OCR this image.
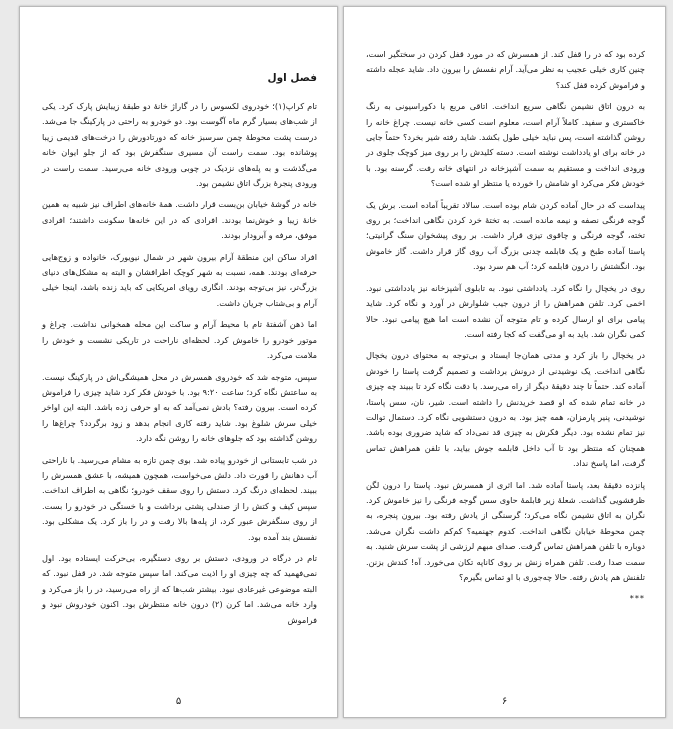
فصل اول

تام کراپ(۱)؛ خودروی لکسوس را در گاراژ خانهٔ دو طبقهٔ زیبایش پارک کرد. یکی از شب‌های بسیار گرم ماه آگوست بود. دو خودرو به راحتی در پارکینگ جا می‌شد. درست پشت محوطهٔ چمن سرسبز خانه که دورتادورش را درخت‌های قدیمی زیبا پوشانده بود. سمت راست آن مسیری سنگفرش بود که از جلو ایوان خانه می‌گذشت و به پله‌های نزدیک در چوبی ورودی خانه می‌رسید. سمت راست در ورودی پنجرهٔ بزرگ اتاق نشیمن بود.

خانه در گوشهٔ خیابان بن‌بست قرار داشت. همهٔ خانه‌های اطراف نیز شبیه به همین خانهٔ زیبا و خوش‌نما بودند. افرادی که در این خانه‌ها سکونت داشتند؛ افرادی موفق، مرفه و آبرودار بودند.

افراد ساکن این منطقهٔ آرام بیرون شهر در شمال نیویورک، خانواده و زوج‌هایی حرفه‌ای بودند. همه، نسبت به شهر کوچک اطرافشان و البته به مشکل‌های دنیای بزرگ‌تر، نیز بی‌توجه بودند. انگاری رویای امریکایی که باید زنده باشد، اینجا خیلی آرام و بی‌شتاب جریان داشت.

اما ذهن آشفتهٔ تام با محیط آرام و ساکت این محله همخوانی نداشت. چراغ و موتور خودرو را خاموش کرد. لحظه‌ای ناراحت در تاریکی نشست و خودش را ملامت می‌کرد.

سپس، متوجه شد که خودروی همسرش در محل همیشگی‌اش در پارکینگ نیست. به ساعتش نگاه کرد؛ ساعت ۹:۲۰ بود. با خودش فکر کرد شاید چیزی را فراموش کرده است. بیرون رفته؟ بادش نمی‌آمد که به او حرفی زده باشد. البته این اواخر خیلی سرش شلوغ بود. شاید رفته کاری انجام بدهد و زود برگردد؟ چراغ‌ها را روشن گذاشته بود که جلوهای خانه را روشن نگه دارد.

در شب تابستانی از خودرو پیاده شد. بوی چمن تازه به مشام می‌رسید. با ناراحتی آب دهانش را قورت داد. دلش می‌خواست، همچون همیشه، با عشق همسرش را ببیند. لحظه‌ای درنگ کرد. دستش را روی سقف خودرو؛ نگاهی به اطراف انداخت. سپس کیف و کتش را از صندلی پشتی برداشت و با خستگی در خودرو را بست. از روی سنگفرش عبور کرد، از پله‌ها بالا رفت و در را باز کرد. یک مشکلی بود. نفسش بند آمده بود.

تام در درگاه در ورودی، دستش بر روی دستگیره، بی‌حرکت ایستاده بود. اول نمی‌فهمید که چه چیزی او را اذیت می‌کند. اما سپس متوجه شد. در قفل نبود. که البته موضوعی غیرعادی نبود. بیشتر شب‌ها که از راه می‌رسید، در را باز می‌کرد و وارد خانه می‌شد. اما کرن (۲) درون خانه منتظرش بود. اکنون خودروش نبود و فراموش

۵

کرده بود که در را قفل کند. از همسرش که در مورد قفل کردن در سختگیر است، چنین کاری خیلی عجیب به نظر می‌آید. آرام نفسش را بیرون داد. شاید عجله داشته و فراموش کرده قفل کند؟

به درون اتاق نشیمن نگاهی سریع انداخت. اتاقی مربع با دکوراسیونی به رنگ خاکستری و سفید. کاملاً آرام است، معلوم است کسی خانه نیست. چراغ خانه را روشن گذاشته است، پس نباید خیلی طول بکشد. شاید رفته شیر بخرد؟ حتماً جایی در خانه برای او یادداشت نوشته است. دسته کلیدش را بر روی میز کوچک جلوی در ورودی انداخت و مستقیم به سمت آشپزخانه در انتهای خانه رفت. گرسنه بود. با خودش فکر می‌کرد او شامش را خورده یا منتظر او شده است؟

پیداست که در حال آماده کردن شام بوده است. سالاد تقریباً آماده است. برش یک گوجه فرنگی نصفه و نیمه مانده است. به تختهٔ خرد کردن نگاهی انداخت؛ بر روی تخته، گوجه فرنگی و چاقوی تیزی قرار داشت. بر روی پیشخوان سنگ گرانیتی؛ پاستا آماده طبخ و یک قابلمه چدنی بزرگ آب روی گاز قرار داشت. گاز خاموش بود. انگشتش را درون قابلمه کرد؛ آب هم سرد بود.

روی در یخچال را نگاه کرد. یادداشتی نبود. به تابلوی آشپزخانه نیز یادداشتی نبود. اخمی کرد. تلفن همراهش را از درون جیب شلوارش در آورد و نگاه کرد. شاید پیامی برای او ارسال کرده و تام متوجه آن نشده است اما هیچ پیامی نبود. حالا کمی نگران شد. باید به او می‌گفت که کجا رفته است.

در یخچال را باز کرد و مدتی همان‌جا ایستاد و بی‌توجه به محتوای درون یخچال نگاهی انداخت. یک نوشیدنی از درونش برداشت و تصمیم گرفت پاستا را خودش آماده کند. حتماً تا چند دقیقهٔ دیگر از راه می‌رسد. با دقت نگاه کرد تا ببیند چه چیزی در خانه تمام شده که او قصد خریدنش را داشته است. شیر، نان، سس پاستا، نوشیدنی، پنیر پارمزان، همه چیز بود. به درون دستشویی نگاه کرد. دستمال توالت نیز تمام نشده بود. دیگر فکرش به چیزی قد نمی‌داد که شاید ضروری بوده باشد. همچنان که منتظر بود تا آب داخل قابلمه جوش بیاید، با تلفن همراهش تماس گرفت، اما پاسخ نداد.

پانزده دقیقهٔ بعد، پاستا آماده شد. اما اثری از همسرش نبود. پاستا را درون لگن ظرفشویی گذاشت. شعلهٔ زیر قابلمهٔ حاوی سس گوجه فرنگی را نیز خاموش کرد. نگران به اتاق نشیمن نگاه می‌کرد؛ گرسنگی از یادش رفته بود. بیرون پنجره، به چمن محوطهٔ خیابان نگاهی انداخت. کدوم جهنمیه؟ کم‌کم داشت نگران می‌شد. دوباره با تلفن همراهش تماس گرفت. صدای مبهم لرزشی از پشت سرش شنید. به سمت صدا رفت. تلفن همراه زنش بر روی کاناپه تکان می‌خورد. آه! کندش بزنن. تلفنش هم یادش رفته. حالا چه‌جوری با او تماس بگیرم؟

***
۶
